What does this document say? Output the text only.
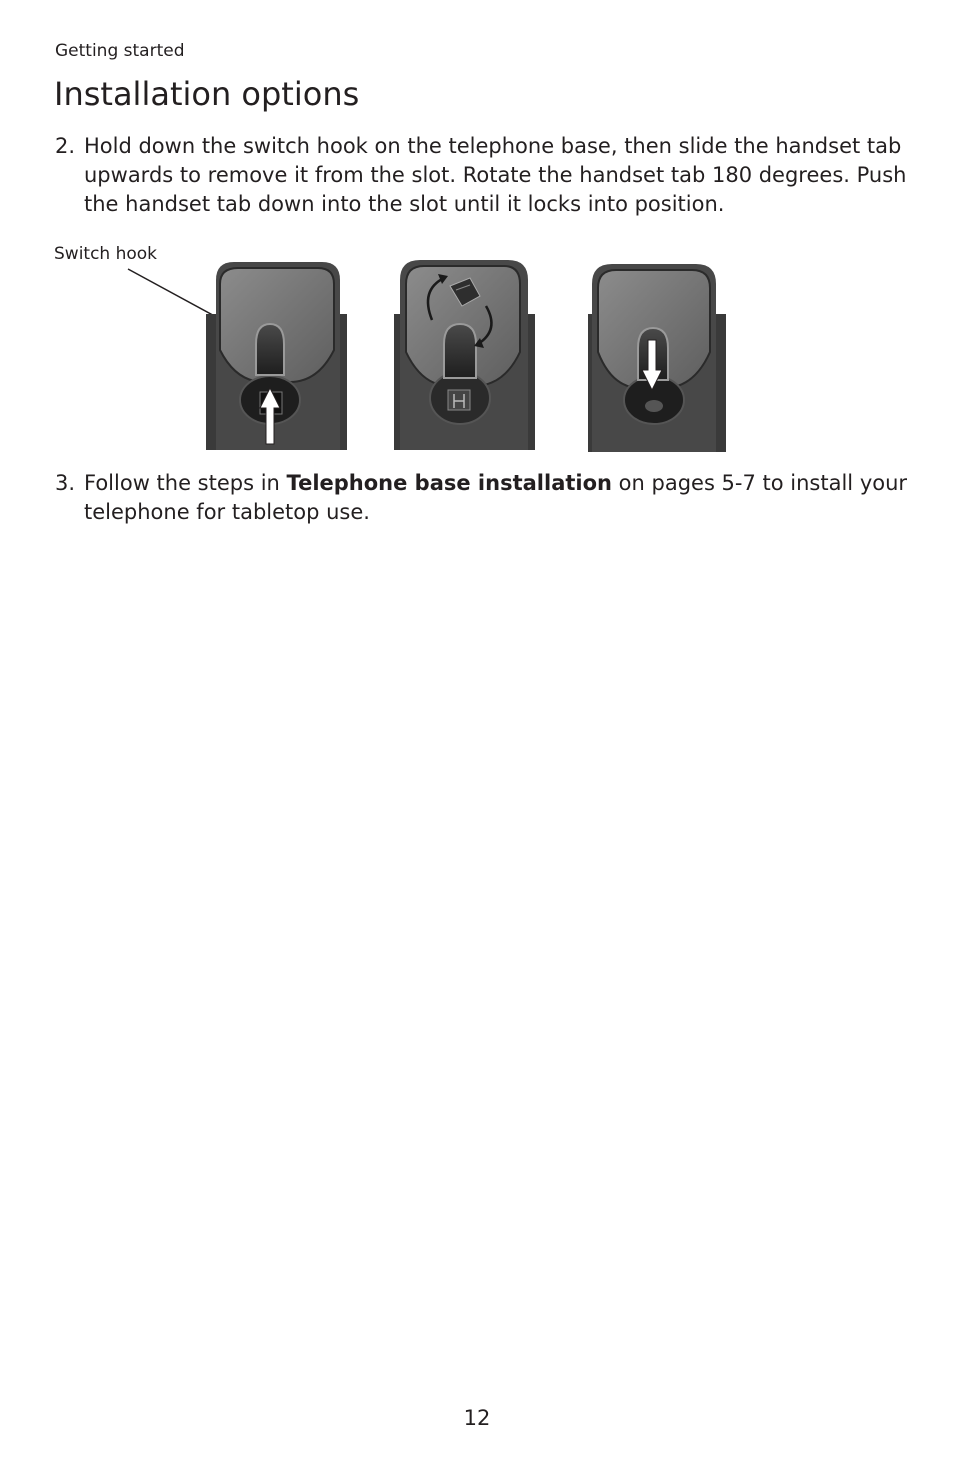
Getting started

Installation options

2. Hold down the switch hook on the telephone base, then slide the handset tab upwards to remove it from the slot. Rotate the handset tab 180 degrees. Push the handset tab down into the slot until it locks into position.

Switch hook

3. Follow the steps in Telephone base installation on pages 5-7 to install your telephone for tabletop use.

12
